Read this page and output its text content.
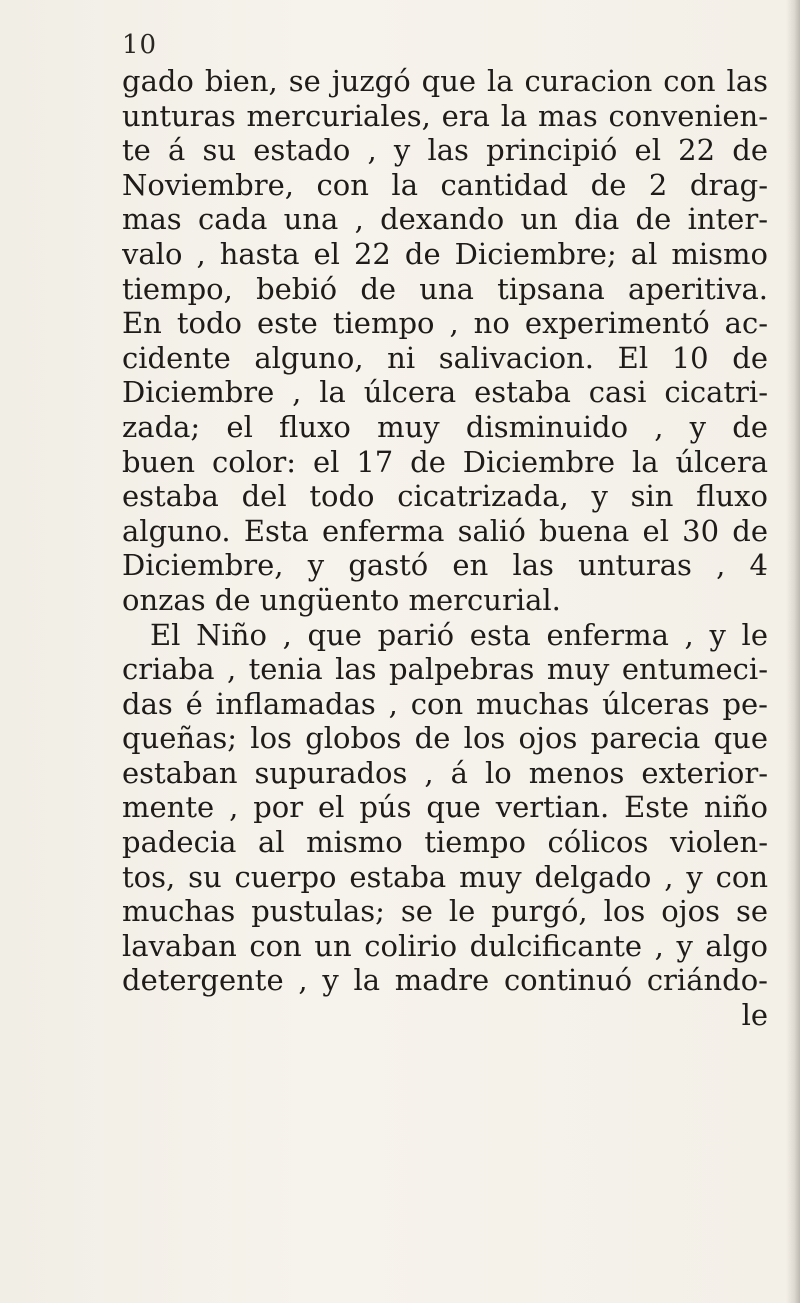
10
gado bien, se juzgó que la curacion con las
unturas mercuriales, era la mas convenien-
te á su estado , y las principió el 22 de
Noviembre, con la cantidad de 2 drag-
mas cada una , dexando un dia de inter-
valo , hasta el 22 de Diciembre; al mismo
tiempo, bebió de una tipsana aperitiva.
En todo este tiempo , no experimentó ac-
cidente alguno, ni salivacion. El 10 de
Diciembre , la úlcera estaba casi cicatri-
zada; el fluxo muy disminuido , y de
buen color: el 17 de Diciembre la úlcera
estaba del todo cicatrizada, y sin fluxo
alguno. Esta enferma salió buena el 30 de
Diciembre, y gastó en las unturas , 4
onzas de ungüento mercurial.
El Niño , que parió esta enferma , y le
criaba , tenia las palpebras muy entumeci-
das é inflamadas , con muchas úlceras pe-
queñas; los globos de los ojos parecia que
estaban supurados , á lo menos exterior-
mente , por el pús que vertian. Este niño
padecia al mismo tiempo cólicos violen-
tos, su cuerpo estaba muy delgado , y con
muchas pustulas; se le purgó, los ojos se
lavaban con un colirio dulcificante , y algo
detergente , y la madre continuó criándo-
le
